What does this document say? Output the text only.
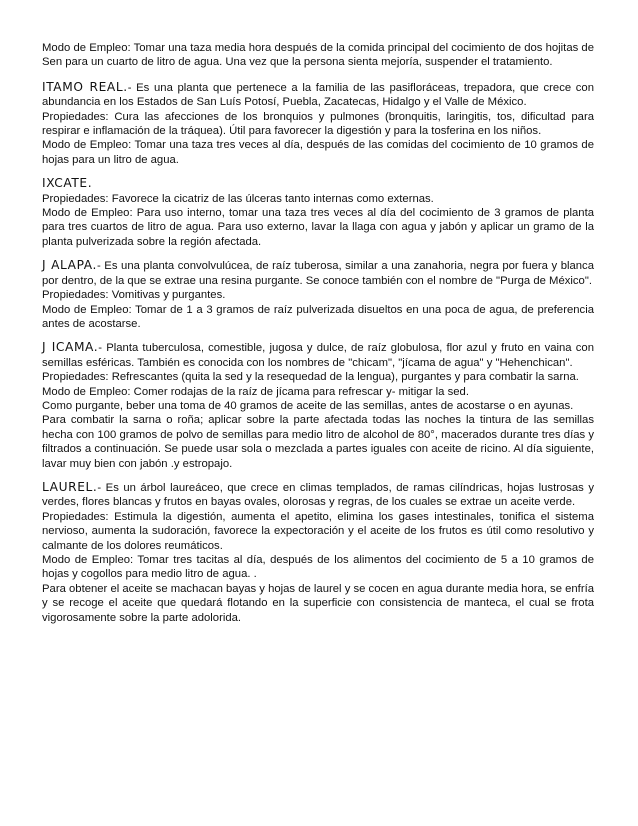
Modo de Empleo: Tomar una taza media hora después de la comida principal del cocimiento de dos hojitas de Sen para un cuarto de litro de agua. Una vez que la persona sienta mejoría, suspender el tratamiento.

ITAMO REAL.- Es una planta que pertenece a la familia de las pasifloráceas, trepadora, que crece con abundancia en los Estados de San Luís Potosí, Puebla, Zacatecas, Hidalgo y el Valle de México.

Propiedades: Cura las afecciones de los bronquios y pulmones (bronquitis, laringitis, tos, dificultad para respirar e inflamación de la tráquea). Útil para favorecer la digestión y para la tosferina en los niños.

Modo de Empleo: Tomar una taza tres veces al día, después de las comidas del cocimiento de 10 gramos de hojas para un litro de agua.

IXCATE.

Propiedades: Favorece la cicatriz de las úlceras tanto internas como externas.

Modo de Empleo: Para uso interno, tomar una taza tres veces al día del cocimiento de 3 gramos de planta para tres cuartos de litro de agua. Para uso externo, lavar la llaga con agua y jabón y aplicar un gramo de la planta pulverizada sobre la región afectada.

J ALAPA.- Es una planta convolvulúcea, de raíz tuberosa, similar a una zanahoria, negra por fuera y blanca por dentro, de la que se extrae una resina purgante. Se conoce también con el nombre de "Purga de México".

Propiedades: Vomitivas y purgantes.

Modo de Empleo: Tomar de 1 a 3 gramos de raíz pulverizada disueltos en una poca de agua, de preferencia antes de acostarse.

J ICAMA.- Planta tuberculosa, comestible, jugosa y dulce, de raíz globulosa, flor azul y fruto en vaina con semillas esféricas. También es conocida con los nombres de "chicam", "jícama de agua" y "Hehenchican".

Propiedades: Refrescantes (quita la sed y la resequedad de la lengua), purgantes y para combatir la sarna.

Modo de Empleo: Comer rodajas de la raíz de jícama para refrescar y- mitigar la sed.

Como purgante, beber una toma de 40 gramos de aceite de las semillas, antes de acostarse o en ayunas.

Para combatir la sarna o roña; aplicar sobre la parte afectada todas las noches la tintura de las semillas hecha con 100 gramos de polvo de semillas para medio litro de alcohol de 80°, macerados durante tres días y filtrados a continuación. Se puede usar sola o mezclada a partes iguales con aceite de ricino. Al día siguiente, lavar muy bien con jabón .y estropajo.

LAUREL.- Es un árbol laureáceo, que crece en climas templados, de ramas cilíndricas, hojas lustrosas y verdes, flores blancas y frutos en bayas ovales, olorosas y regras, de los cuales se extrae un aceite verde.

Propiedades: Estimula la digestión, aumenta el apetito, elimina los gases intestinales, tonifica el sistema nervioso, aumenta la sudoración, favorece la expectoración y el aceite de los frutos es útil como resolutivo y calmante de los dolores reumáticos.

Modo de Empleo: Tomar tres tacitas al día, después de los alimentos del cocimiento de 5 a 10 gramos de hojas y cogollos para medio litro de agua. .

Para obtener el aceite se machacan bayas y hojas de laurel y se cocen en agua durante media hora, se enfría y se recoge el aceite que quedará flotando en la superficie con consistencia de manteca, el cual se frota vigorosamente sobre la parte adolorida.
